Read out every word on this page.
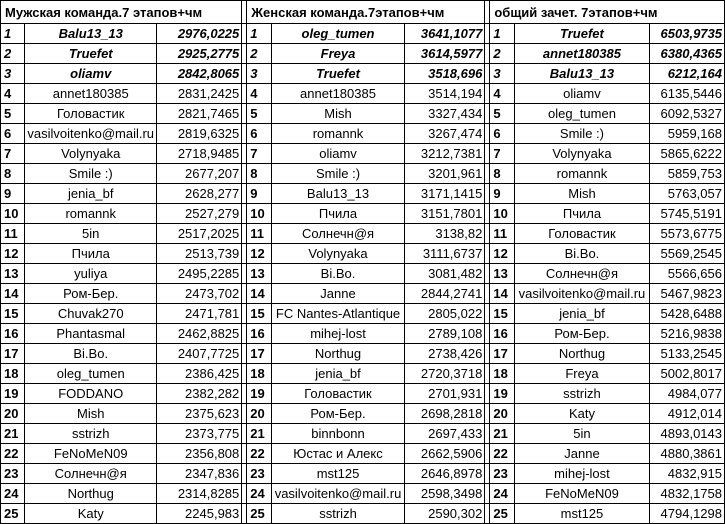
Мужская команда.7 этапов+чм				Женская команда.7этапов+чм				общий зачет. 7этапов+чм		
1	Balu13_13	2976,0225		1	oleg_tumen	3641,1077		1	Truefet	6503,9735
2	Truefet	2925,2775		2	Freya	3614,5977		2	annet180385	6380,4365
3	oliamv	2842,8065		3	Truefet	3518,696		3	Balu13_13	6212,164
4	annet180385	2831,2425		4	annet180385	3514,194		4	oliamv	6135,5446
5	Головастик	2821,7465		5	Mish	3327,434		5	oleg_tumen	6092,5327
6	vasilvoitenko@mail.ru	2819,6325		6	romannk	3267,474		6	Smile :)	5959,168
7	Volynyaka	2718,9485		7	oliamv	3212,7381		7	Volynyaka	5865,6222
8	Smile :)	2677,207		8	Smile :)	3201,961		8	romannk	5859,753
9	jenia_bf	2628,277		9	Balu13_13	3171,1415		9	Mish	5763,057
10	romannk	2527,279		10	Пчила	3151,7801		10	Пчила	5745,5191
11	5in	2517,2025		11	Солнечн@я	3138,82		11	Головастик	5573,6775
12	Пчила	2513,739		12	Volynyaka	3111,6737		12	Bi.Bo.	5569,2545
13	yuliya	2495,2285		13	Bi.Bo.	3081,482		13	Солнечн@я	5566,656
14	Ром-Бер.	2473,702		14	Janne	2844,2741		14	vasilvoitenko@mail.ru	5467,9823
15	Chuvak270	2471,781		15	FC Nantes-Atlantique	2805,022		15	jenia_bf	5428,6488
16	Phantasmal	2462,8825		16	mihej-lost	2789,108		16	Ром-Бер.	5216,9838
17	Bi.Bo.	2407,7725		17	Northug	2738,426		17	Northug	5133,2545
18	oleg_tumen	2386,425		18	jenia_bf	2720,3718		18	Freya	5002,8017
19	FODDANO	2382,282		19	Головастик	2701,931		19	sstrizh	4984,077
20	Mish	2375,623		20	Ром-Бер.	2698,2818		20	Katy	4912,014
21	sstrizh	2373,775		21	binnbonn	2697,433		21	5in	4893,0143
22	FeNoMeN09	2356,808		22	Юстас и Алекс	2662,5906		22	Janne	4880,3861
23	Солнечн@я	2347,836		23	mst125	2646,8978		23	mihej-lost	4832,915
24	Northug	2314,8285		24	vasilvoitenko@mail.ru	2598,3498		24	FeNoMeN09	4832,1758
25	Katy	2245,983		25	sstrizh	2590,302		25	mst125	4794,1298
